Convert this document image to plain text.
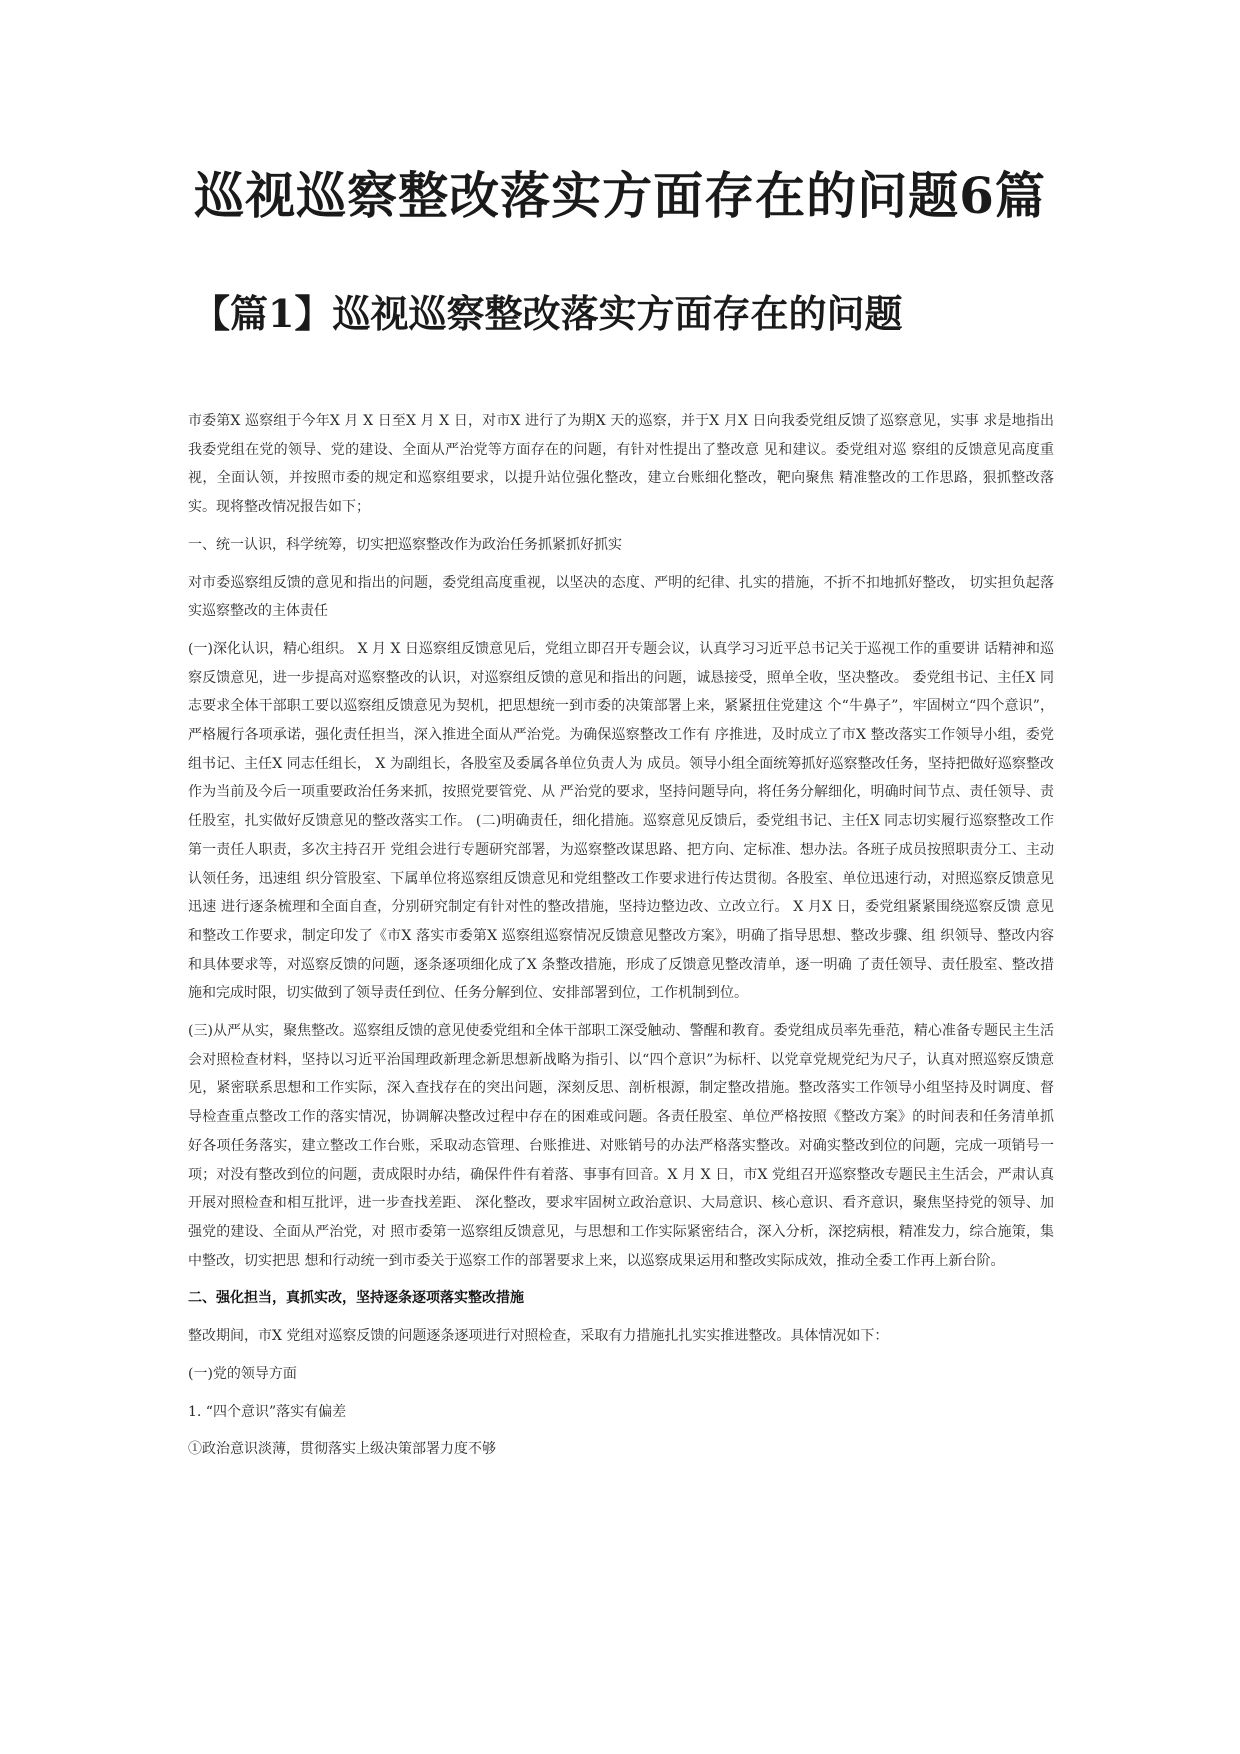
巡视巡察整改落实方面存在的问题6篇
【篇1】巡视巡察整改落实方面存在的问题

市委第X 巡察组于今年X 月 X 日至X 月 X 日，对市X 进行了为期X 天的巡察，并于X 月X 日向我委党组反馈了巡察意见，实事 求是地指出我委党组在党的领导、党的建设、全面从严治党等方面存在的问题，有针对性提出了整改意 见和建议。委党组对巡 察组的反馈意见高度重视，全面认领，并按照市委的规定和巡察组要求，以提升站位强化整改，建立台账细化整改，靶向聚焦 精准整改的工作思路，狠抓整改落实。现将整改情况报告如下；

一、统一认识，科学统筹，切实把巡察整改作为政治任务抓紧抓好抓实

对市委巡察组反馈的意见和指出的问题，委党组高度重视，以坚决的态度、严明的纪律、扎实的措施，不折不扣地抓好整改， 切实担负起落实巡察整改的主体责任

(一)深化认识，精心组织。 X 月 X 日巡察组反馈意见后，党组立即召开专题会议，认真学习习近平总书记关于巡视工作的重要讲 话精神和巡察反馈意见，进一步提高对巡察整改的认识，对巡察组反馈的意见和指出的问题，诚恳接受，照单全收，坚决整改。 委党组书记、主任X 同志要求全体干部职工要以巡察组反馈意见为契机，把思想统一到市委的决策部署上来，紧紧扭住党建这 个“牛鼻子”，牢固树立“四个意识”，严格履行各项承诺，强化责任担当，深入推进全面从严治党。为确保巡察整改工作有 序推进，及时成立了市X 整改落实工作领导小组，委党组书记、主任X 同志任组长， X 为副组长，各股室及委属各单位负责人为 成员。领导小组全面统筹抓好巡察整改任务，坚持把做好巡察整改作为当前及今后一项重要政治任务来抓，按照党要管党、从 严治党的要求，坚持问题导向，将任务分解细化，明确时间节点、责任领导、责任股室，扎实做好反馈意见的整改落实工作。 (二)明确责任，细化措施。巡察意见反馈后，委党组书记、主任X 同志切实履行巡察整改工作第一责任人职责，多次主持召开 党组会进行专题研究部署，为巡察整改谋思路、把方向、定标准、想办法。各班子成员按照职责分工、主动认领任务，迅速组 织分管股室、下属单位将巡察组反馈意见和党组整改工作要求进行传达贯彻。各股室、单位迅速行动，对照巡察反馈意见迅速 进行逐条梳理和全面自查，分别研究制定有针对性的整改措施，坚持边整边改、立改立行。 X 月X 日，委党组紧紧围绕巡察反馈 意见和整改工作要求，制定印发了《市X 落实市委第X 巡察组巡察情况反馈意见整改方案》，明确了指导思想、整改步骤、组 织领导、整改内容和具体要求等，对巡察反馈的问题，逐条逐项细化成了X 条整改措施，形成了反馈意见整改清单，逐一明确 了责任领导、责任股室、整改措施和完成时限，切实做到了领导责任到位、任务分解到位、安排部署到位，工作机制到位。

(三)从严从实，聚焦整改。巡察组反馈的意见使委党组和全体干部职工深受触动、警醒和教育。委党组成员率先垂范，精心准备专题民主生活会对照检查材料，坚持以习近平治国理政新理念新思想新战略为指引、以“四个意识”为标杆、以党章党规党纪为尺子，认真对照巡察反馈意见，紧密联系思想和工作实际，深入查找存在的突出问题，深刻反思、剖析根源，制定整改措施。整改落实工作领导小组坚持及时调度、督导检查重点整改工作的落实情况，协调解决整改过程中存在的困难或问题。各责任股室、单位严格按照《整改方案》的时间表和任务清单抓好各项任务落实，建立整改工作台账，采取动态管理、台账推进、对账销号的办法严格落实整改。对确实整改到位的问题，完成一项销号一项；对没有整改到位的问题，责成限时办结，确保件件有着落、事事有回音。X 月 X 日，市X 党组召开巡察整改专题民主生活会，严肃认真开展对照检查和相互批评，进一步查找差距、 深化整改，要求牢固树立政治意识、大局意识、核心意识、看齐意识，聚焦坚持党的领导、加强党的建设、全面从严治党，对 照市委第一巡察组反馈意见，与思想和工作实际紧密结合，深入分析，深挖病根，精准发力，综合施策，集中整改，切实把思 想和行动统一到市委关于巡察工作的部署要求上来，以巡察成果运用和整改实际成效，推动全委工作再上新台阶。

二、强化担当，真抓实改，坚持逐条逐项落实整改措施

整改期间，市X 党组对巡察反馈的问题逐条逐项进行对照检查，采取有力措施扎扎实实推进整改。具体情况如下：

(一)党的领导方面

1. “四个意识”落实有偏差

①政治意识淡薄，贯彻落实上级决策部署力度不够
